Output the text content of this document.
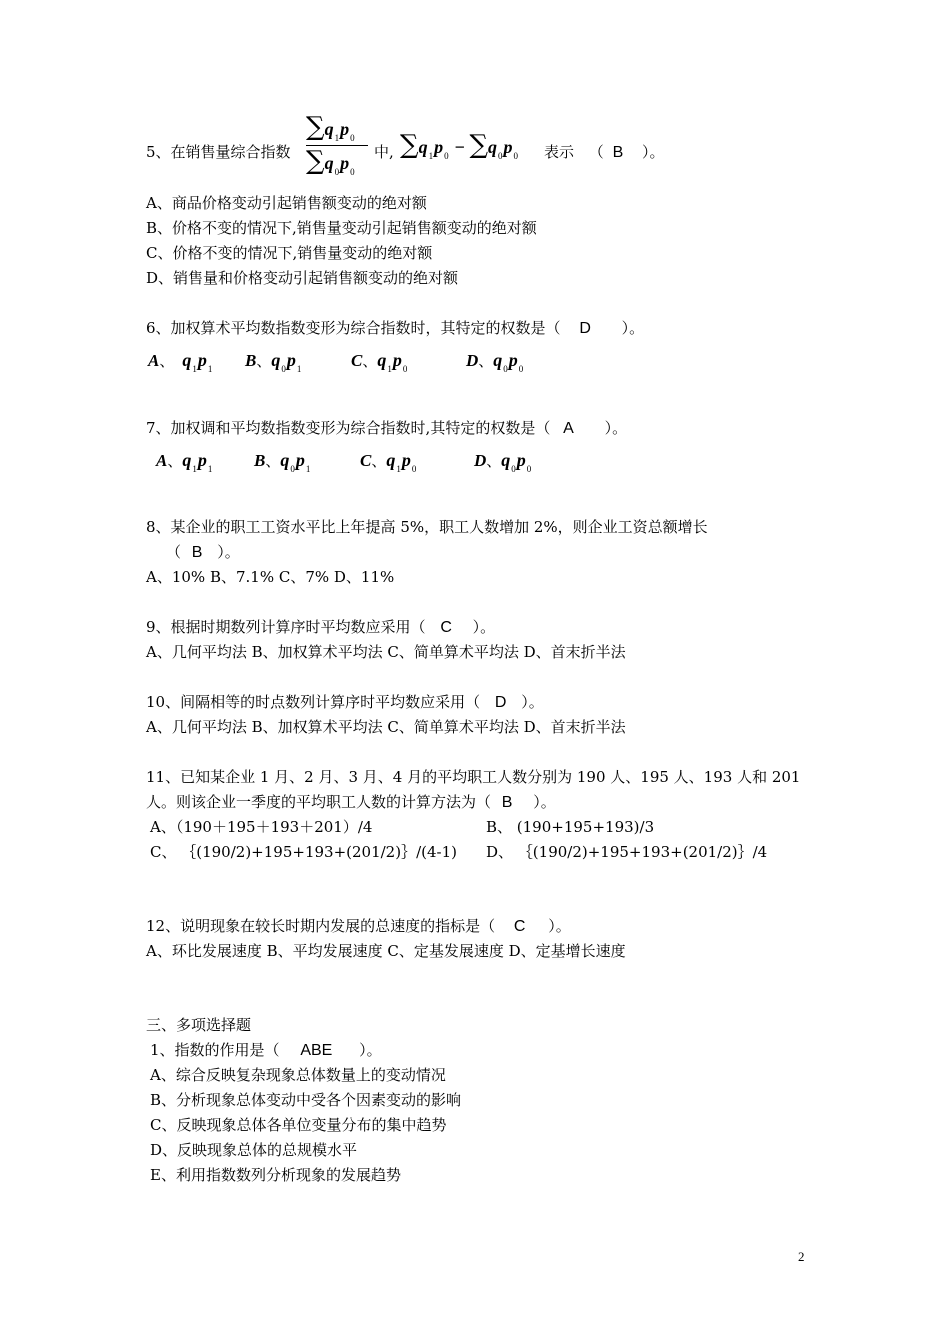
5、在销售量综合指数
$\sum q_1p_0$
$\sum q_0p_0$
中, $\sum q_1p_0 - \sum q_0p_0$ 表示 （ B ）。
A、商品价格变动引起销售额变动的绝对额
B、价格不变的情况下,销售量变动引起销售额变动的绝对额
C、价格不变的情况下,销售量变动的绝对额
D、销售量和价格变动引起销售额变动的绝对额
6、加权算术平均数指数变形为综合指数时，其特定的权数是（ D ）。
A、 $q_1p_1$ B、$q_0p_1$	C、$q_1p_0$	D、$q_0p_0$
7、加权调和平均数指数变形为综合指数时,其特定的权数是（ A ）。
A、$q_1p_1$ B、$q_0p_1$	C、$q_1p_0$	D、$q_0p_0$
8、某企业的职工工资水平比上年提高 5%，职工人数增加 2%，则企业工资总额增长
（ B ）。
A、10% B、7.1% C、7% D、11%
9、根据时期数列计算序时平均数应采用（ C ）。
A、几何平均法 B、加权算术平均法 C、简单算术平均法 D、首末折半法
10、间隔相等的时点数列计算序时平均数应采用（ D ）。
A、几何平均法 B、加权算术平均法 C、简单算术平均法 D、首末折半法
11、已知某企业 1 月、2 月、3 月、4 月的平均职工人数分别为 190 人、195 人、193 人和 201
人。则该企业一季度的平均职工人数的计算方法为（ B ）。
A、（190＋195＋193＋201）/4	B、 (190+195+193)/3
C、 ｛(190/2)+195+193+(201/2)｝/(4-1) D、 ｛(190/2)+195+193+(201/2)｝/4
12、说明现象在较长时期内发展的总速度的指标是（ C ）。
A、环比发展速度 B、平均发展速度 C、定基发展速度 D、定基增长速度
三、多项选择题
1、指数的作用是（ ABE ）。
A、综合反映复杂现象总体数量上的变动情况
B、分析现象总体变动中受各个因素变动的影响
C、反映现象总体各单位变量分布的集中趋势
D、反映现象总体的总规模水平
E、利用指数数列分析现象的发展趋势
2
